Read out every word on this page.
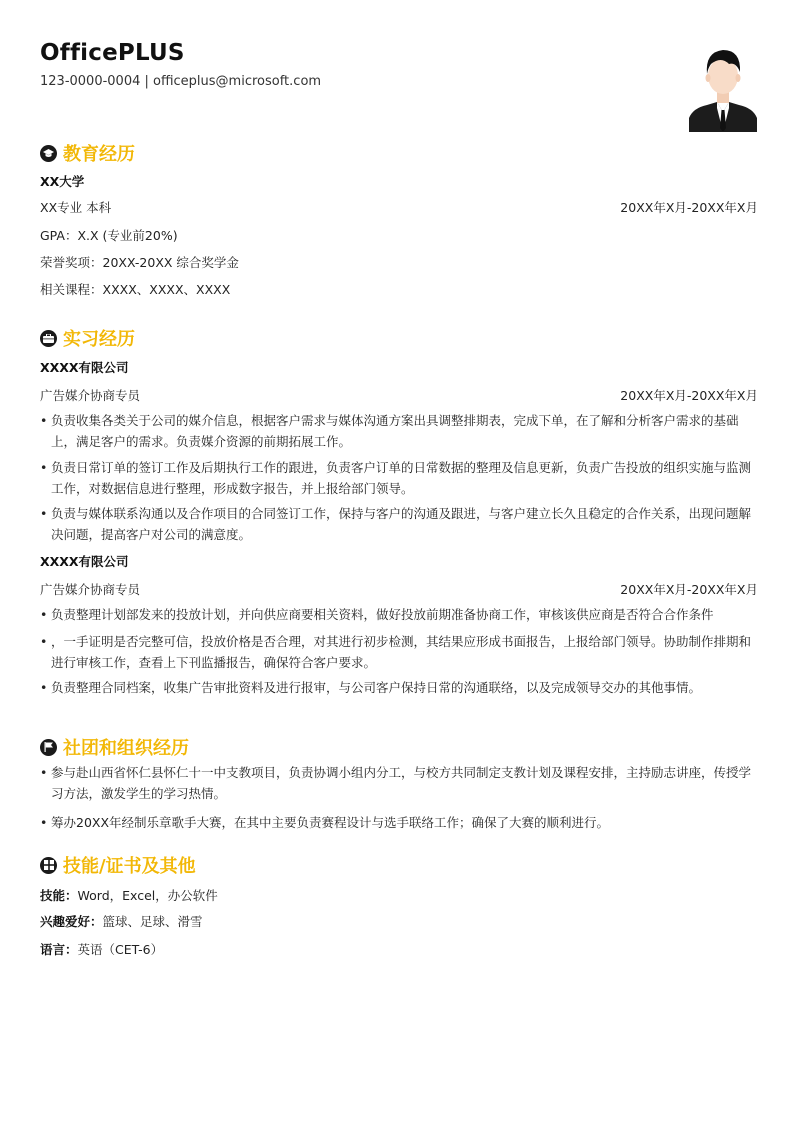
OfficePLUS
123-0000-0004 | officeplus@microsoft.com
教育经历
XX大学
XX专业 本科	20XX年X月-20XX年X月
GPA：X.X (专业前20%)
荣誉奖项：20XX-20XX 综合奖学金
相关课程：XXXX、XXXX、XXXX
实习经历
XXXX有限公司
广告媒介协商专员	20XX年X月-20XX年X月
• 负责收集各类关于公司的媒介信息，根据客户需求与媒体沟通方案出具调整排期表，完成下单，在了解和分析客户需求的基础上，满足客户的需求。负责媒介资源的前期拓展工作。
• 负责日常订单的签订工作及后期执行工作的跟进，负责客户订单的日常数据的整理及信息更新，负责广告投放的组织实施与监测工作，对数据信息进行整理，形成数字报告，并上报给部门领导。
• 负责与媒体联系沟通以及合作项目的合同签订工作，保持与客户的沟通及跟进，与客户建立长久且稳定的合作关系，出现问题解决问题，提高客户对公司的满意度。
XXXX有限公司
广告媒介协商专员	20XX年X月-20XX年X月
• 负责整理计划部发来的投放计划，并向供应商要相关资料，做好投放前期准备协商工作，审核该供应商是否符合合作条件
• ，一手证明是否完整可信，投放价格是否合理，对其进行初步检测，其结果应形成书面报告，上报给部门领导。协助制作排期和进行审核工作，查看上下刊监播报告，确保符合客户要求。
• 负责整理合同档案，收集广告审批资料及进行报审，与公司客户保持日常的沟通联络，以及完成领导交办的其他事情。
社团和组织经历
• 参与赴山西省怀仁县怀仁十一中支教项目，负责协调小组内分工，与校方共同制定支教计划及课程安排，主持励志讲座，传授学习方法，激发学生的学习热情。
• 筹办20XX年经制乐章歌手大赛，在其中主要负责赛程设计与选手联络工作；确保了大赛的顺利进行。
技能/证书及其他
技能：Word，Excel，办公软件
兴趣爱好：篮球、足球、滑雪
语言：英语（CET-6）
